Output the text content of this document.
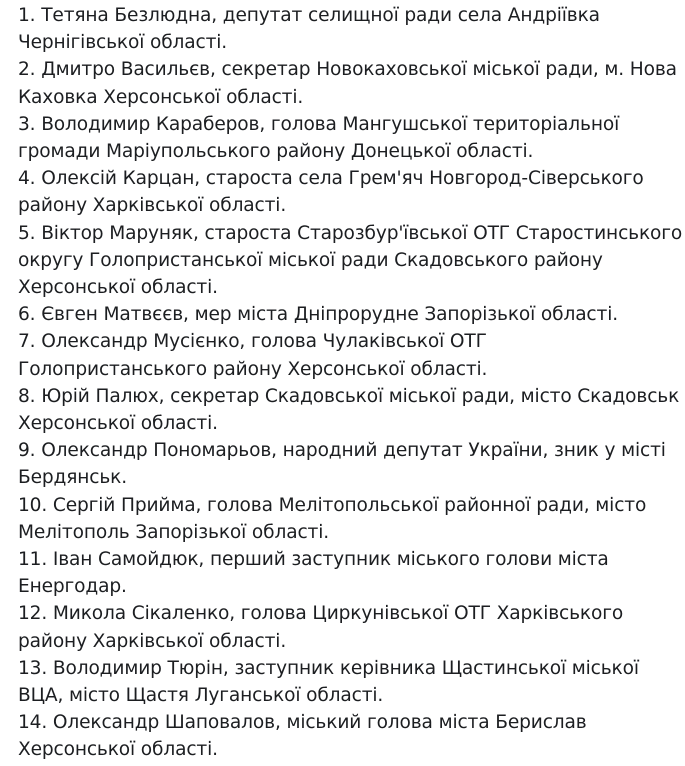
1. Тетяна Безлюдна, депутат селищної ради села Андріївка
Чернігівської області.

2. Дмитро Васильєв, секретар Новокаховської міської ради, м. Нова
Каховка Херсонської області.

3. Володимир Караберов, голова Мангушської територіальної
громади Маріупольського району Донецької області.

4. Олексій Карцан, староста села Грем'яч Новгород-Сіверського
району Харківської області.

5. Віктор Маруняк, староста Старозбур'ївської ОТГ Старостинського
округу Голопристанської міської ради Скадовського району
Херсонської області.

6. Євген Матвєєв, мер міста Дніпрорудне Запорізької області.

7. Олександр Мусієнко, голова Чулаківської ОТГ
Голопристанського району Херсонської області.

8. Юрій Палюх, секретар Скадовської міської ради, місто Скадовськ
Херсонської області.

9. Олександр Пономарьов, народний депутат України, зник у місті
Бердянськ.

10. Сергій Прийма, голова Мелітопольської районної ради, місто
Мелітополь Запорізької області.

11. Іван Самойдюк, перший заступник міського голови міста
Енергодар.

12. Микола Сікаленко, голова Циркунівської ОТГ Харківського
району Харківської області.

13. Володимир Тюрін, заступник керівника Щастинської міської
ВЦА, місто Щастя Луганської області.

14. Олександр Шаповалов, міський голова міста Берислав
Херсонської області.
